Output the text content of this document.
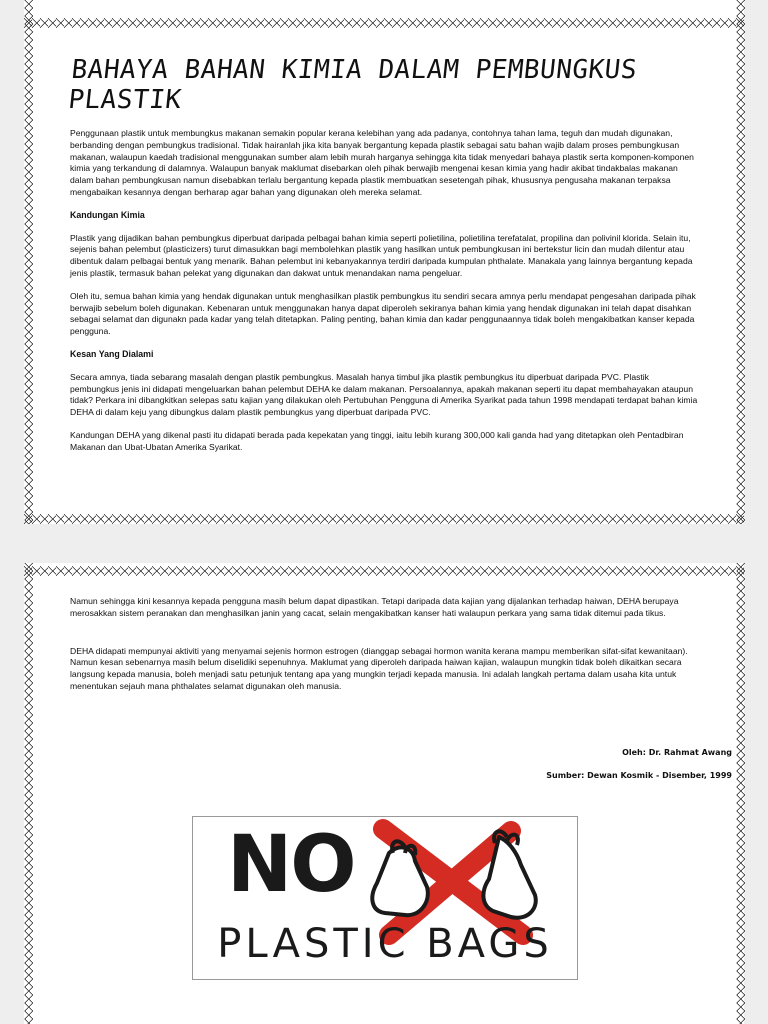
BAHAYA BAHAN KIMIA DALAM PEMBUNGKUS PLASTIK

Penggunaan plastik untuk membungkus makanan semakin popular kerana kelebihan yang ada padanya, contohnya tahan lama, teguh dan mudah digunakan, berbanding dengan pembungkus tradisional. Tidak hairanlah jika kita banyak bergantung kepada plastik sebagai satu bahan wajib dalam proses pembungkusan makanan, walaupun kaedah tradisional menggunakan sumber alam lebih murah harganya sehingga kita tidak menyedari bahaya plastik serta komponen-komponen kimia yang terkandung di dalamnya. Walaupun banyak maklumat disebarkan oleh pihak berwajib mengenai kesan kimia yang hadir akibat tindakbalas makanan dalam bahan pembungkusan namun disebabkan terlalu bergantung kepada plastik membuatkan sesetengah pihak, khususnya pengusaha makanan terpaksa mengabaikan kesannya dengan berharap agar bahan yang digunakan oleh mereka selamat.

Kandungan Kimia

Plastik yang dijadikan bahan pembungkus diperbuat daripada pelbagai bahan kimia seperti polietilina, polietilina terefatalat, propilina dan polivinil klorida. Selain itu, sejenis bahan pelembut (plasticizers) turut dimasukkan bagi membolehkan plastik yang hasilkan untuk pembungkusan ini bertekstur licin dan mudah dilentur atau dibentuk dalam pelbagai bentuk yang menarik. Bahan pelembut ini kebanyakannya terdiri daripada kumpulan phthalate. Manakala yang lainnya bergantung kepada jenis plastik, termasuk bahan pelekat yang digunakan dan dakwat untuk menandakan nama pengeluar.

Oleh itu, semua bahan kimia yang hendak digunakan untuk menghasilkan plastik pembungkus itu sendiri secara amnya perlu mendapat pengesahan daripada pihak berwajib sebelum boleh digunakan. Kebenaran untuk menggunakan hanya dapat diperoleh sekiranya bahan kimia yang hendak digunakan ini telah dapat disahkan sebagai selamat dan digunakn pada kadar yang telah ditetapkan. Paling penting, bahan kimia dan kadar penggunaannya tidak boleh mengakibatkan kanser kepada pengguna.

Kesan Yang Dialami

Secara amnya, tiada sebarang masalah dengan plastik pembungkus. Masalah hanya timbul jika plastik pembungkus itu diperbuat daripada PVC. Plastik pembungkus jenis ini didapati mengeluarkan bahan pelembut DEHA ke dalam makanan. Persoalannya, apakah makanan seperti itu dapat membahayakan ataupun tidak? Perkara ini dibangkitkan selepas satu kajian yang dilakukan oleh Pertubuhan Pengguna di Amerika Syarikat pada tahun 1998 mendapati terdapat bahan kimia DEHA di dalam keju yang dibungkus dalam plastik pembungkus yang diperbuat daripada PVC.

Kandungan DEHA yang dikenal pasti itu didapati berada pada kepekatan yang tinggi, iaitu lebih kurang 300,000 kali ganda had yang ditetapkan oleh Pentadbiran Makanan dan Ubat-Ubatan Amerika Syarikat.

Namun sehingga kini kesannya kepada pengguna masih belum dapat dipastikan. Tetapi daripada data kajian yang dijalankan terhadap haiwan, DEHA berupaya merosakkan sistem peranakan dan menghasilkan janin yang cacat, selain mengakibatkan kanser hati walaupun perkara yang sama tidak ditemui pada tikus.

DEHA didapati mempunyai aktiviti yang menyamai sejenis hormon estrogen (dianggap sebagai hormon wanita kerana mampu memberikan sifat-sifat kewanitaan). Namun kesan sebenarnya masih belum diselidiki sepenuhnya. Maklumat yang diperoleh daripada haiwan kajian, walaupun mungkin tidak boleh dikaitkan secara langsung kepada manusia, boleh menjadi satu petunjuk tentang apa yang mungkin terjadi kepada manusia. Ini adalah langkah pertama dalam usaha kita untuk menentukan sejauh mana phthalates selamat digunakan oleh manusia.

Oleh: Dr. Rahmat Awang
Sumber: Dewan Kosmik - Disember, 1999
NO
PLASTIC BAGS
